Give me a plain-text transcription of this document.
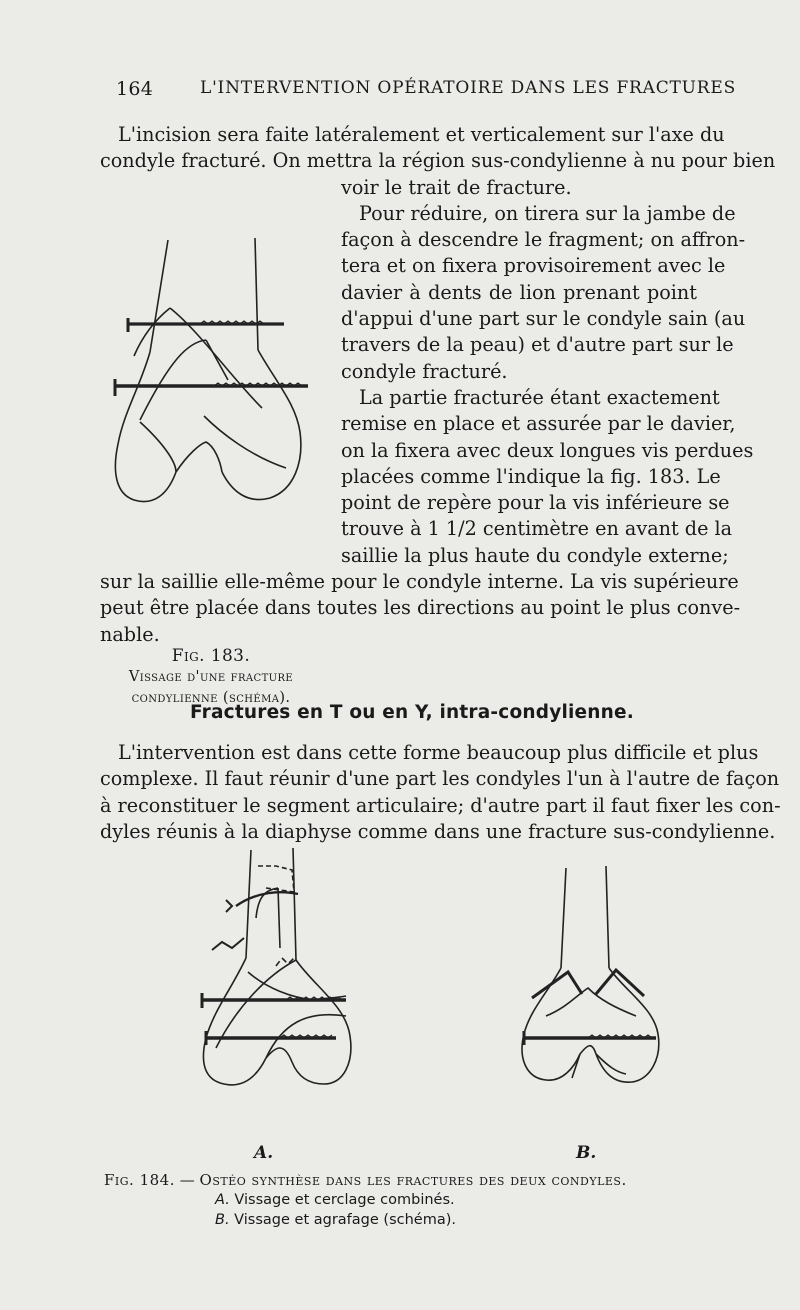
164	L'INTERVENTION OPÉRATOIRE DANS LES FRACTURES
L'incision sera faite latéralement et verticalement sur l'axe du
condyle fracturé. On mettra la région sus-condylienne à nu pour bien
voir le trait de fracture.
Pour réduire, on tirera sur la jambe de
façon à descendre le fragment; on affron-
tera et on fixera provisoirement avec le
davier à dents de lion prenant point
d'appui d'une part sur le condyle sain (au
travers de la peau) et d'autre part sur le
condyle fracturé.
La partie fracturée étant exactement
remise en place et assurée par le davier,
on la fixera avec deux longues vis perdues
placées comme l'indique la fig. 183. Le
point de repère pour la vis inférieure se
trouve à 1 1/2 centimètre en avant de la
saillie la plus haute du condyle externe;
sur la saillie elle-même pour le condyle interne. La vis supérieure
peut être placée dans toutes les directions au point le plus conve-
nable.
Fig. 183.
Vissage d'une fracture
condylienne (schéma).
Fractures en T ou en Y, intra-condylienne.
L'intervention est dans cette forme beaucoup plus difficile et plus
complexe. Il faut réunir d'une part les condyles l'un à l'autre de façon
à reconstituer le segment articulaire; d'autre part il faut fixer les con-
dyles réunis à la diaphyse comme dans une fracture sus-condylienne.
A.	B.
Fig. 184. — Ostéo synthèse dans les fractures des deux condyles.
A. Vissage et cerclage combinés.
B. Vissage et agrafage (schéma).
